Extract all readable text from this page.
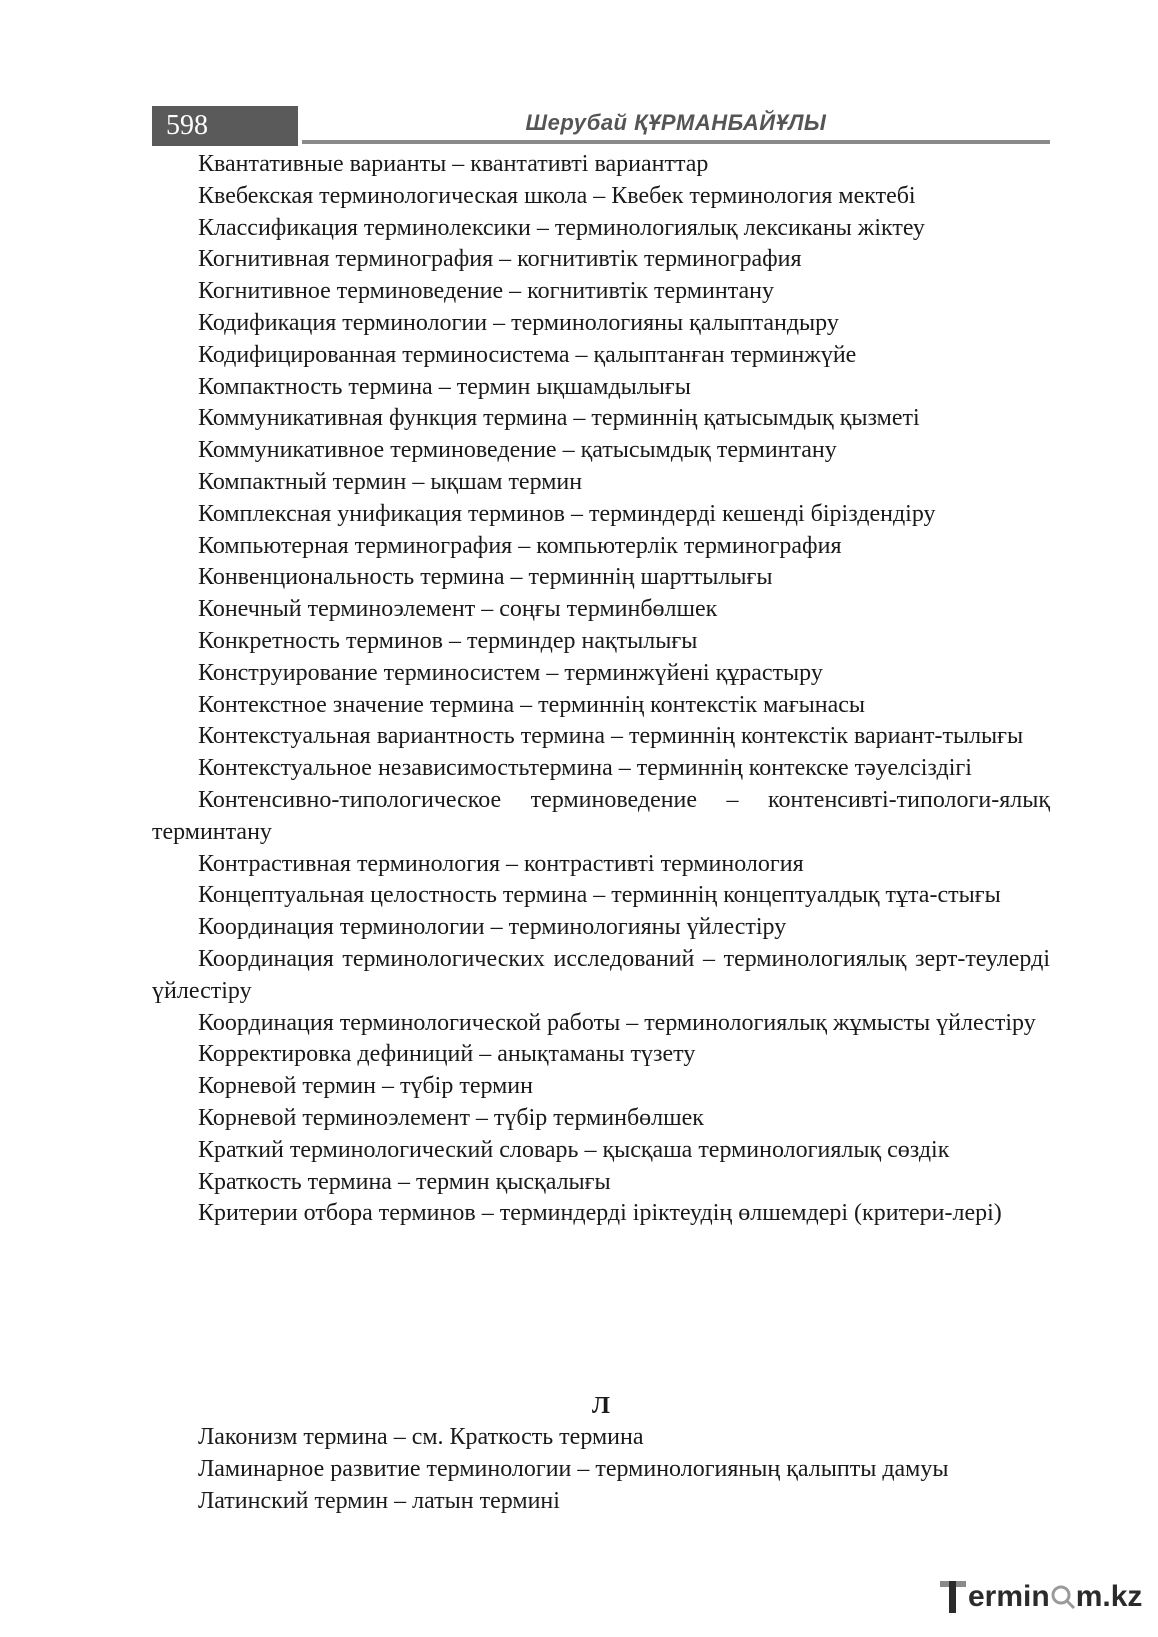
598	Шерубай ҚҰРМАНБАЙҰЛЫ
Квантативные варианты – квантативті варианттар
Квебекская терминологическая школа – Квебек терминология мектебі
Классификация терминолексики – терминологиялық лексиканы жіктеу
Когнитивная терминография – когнитивтік терминография
Когнитивное терминоведение – когнитивтік терминтану
Кодификация терминологии – терминологияны қалыптандыру
Кодифицированная терминосистема – қалыптанған терминжүйе
Компактность термина – термин ықшамдылығы
Коммуникативная функция термина – терминнің қатысымдық қызметі
Коммуникативное терминоведение – қатысымдық терминтану
Компактный термин – ықшам термин
Комплексная унификация терминов – терминдерді кешенді біріздендіру
Компьютерная терминография – компьютерлік терминография
Конвенциональность термина – терминнің шарттылығы
Конечный терминоэлемент – соңғы терминбөлшек
Конкретность терминов – терминдер нақтылығы
Конструирование терминосистем – терминжүйені құрастыру
Контекстное значение термина – терминнің контекстік мағынасы
Контекстуальная вариантность термина – терминнің контекстік вариант-тылығы
Контекстуальное независимостьтермина – терминнің контекске тәуелсіздігі
Контенсивно-типологическое терминоведение – контенсивті-типологи-ялық терминтану
Контрастивная терминология – контрастивті терминология
Концептуальная целостность термина – терминнің концептуалдық тұта-стығы
Координация терминологии – терминологияны үйлестіру
Координация терминологических исследований – терминологиялық зерт-теулерді үйлестіру
Координация терминологической работы – терминологиялық жұмысты үйлестіру
Корректировка дефиниций – анықтаманы түзету
Корневой термин – түбір термин
Корневой терминоэлемент – түбір терминбөлшек
Краткий терминологический словарь – қысқаша терминологиялық сөздік
Краткость термина – термин қысқалығы
Критерии отбора терминов – терминдерді іріктеудің өлшемдері (критери-лері)
Л
Лаконизм термина – см. Краткость термина
Ламинарное развитие терминологии – терминологияның қалыпты дамуы
Латинский термин – латын термині
ermin m.kz
